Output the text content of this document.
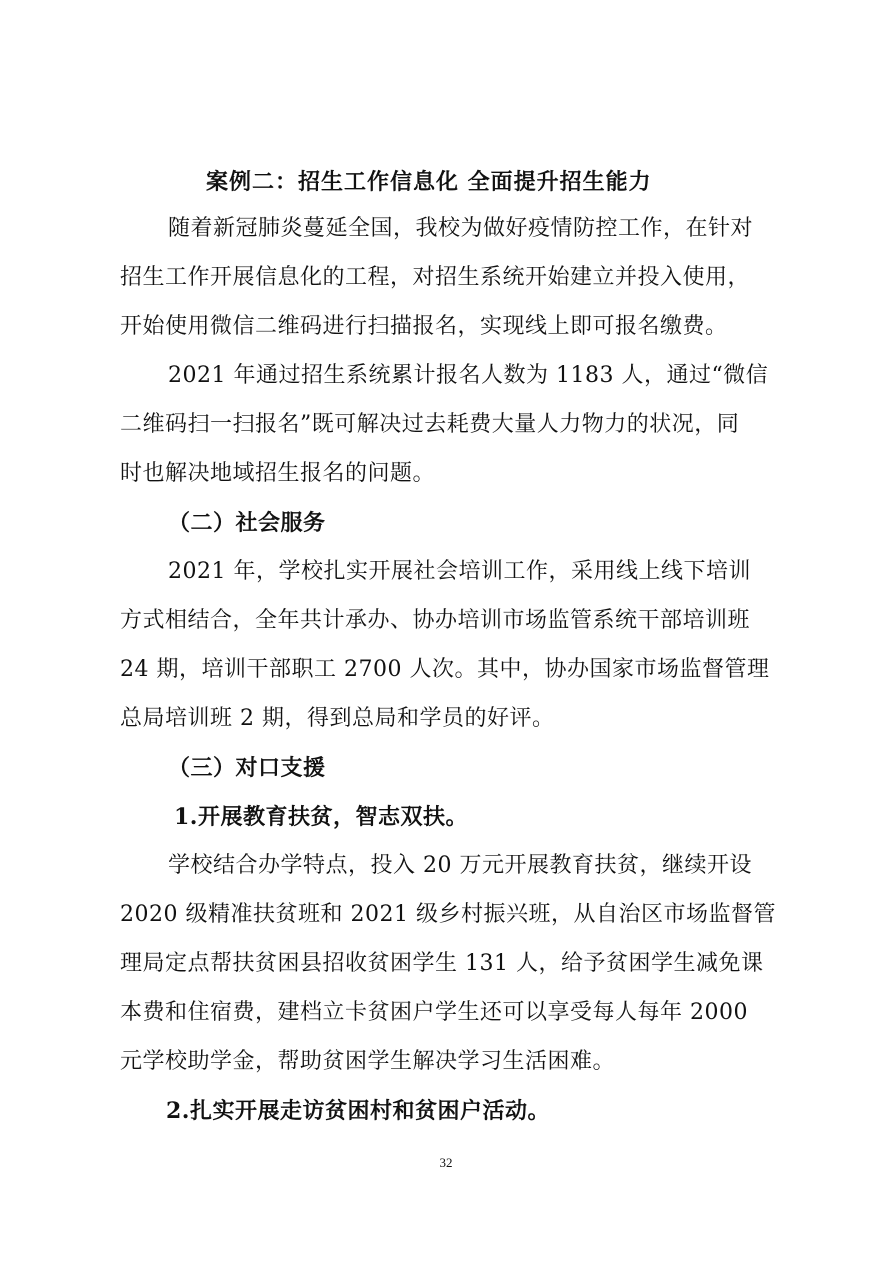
案例二：招生工作信息化 全面提升招生能力
随着新冠肺炎蔓延全国，我校为做好疫情防控工作，在针对
招生工作开展信息化的工程，对招生系统开始建立并投入使用，
开始使用微信二维码进行扫描报名，实现线上即可报名缴费。
2021 年通过招生系统累计报名人数为 1183 人，通过“微信
二维码扫一扫报名”既可解决过去耗费大量人力物力的状况，同
时也解决地域招生报名的问题。
（二）社会服务
2021 年，学校扎实开展社会培训工作，采用线上线下培训
方式相结合，全年共计承办、协办培训市场监管系统干部培训班
24 期，培训干部职工 2700 人次。其中，协办国家市场监督管理
总局培训班 2 期，得到总局和学员的好评。
（三）对口支援
1.开展教育扶贫，智志双扶。
学校结合办学特点，投入 20 万元开展教育扶贫，继续开设
2020 级精准扶贫班和 2021 级乡村振兴班，从自治区市场监督管
理局定点帮扶贫困县招收贫困学生 131 人，给予贫困学生减免课
本费和住宿费，建档立卡贫困户学生还可以享受每人每年 2000
元学校助学金，帮助贫困学生解决学习生活困难。
2.扎实开展走访贫困村和贫困户活动。
32
